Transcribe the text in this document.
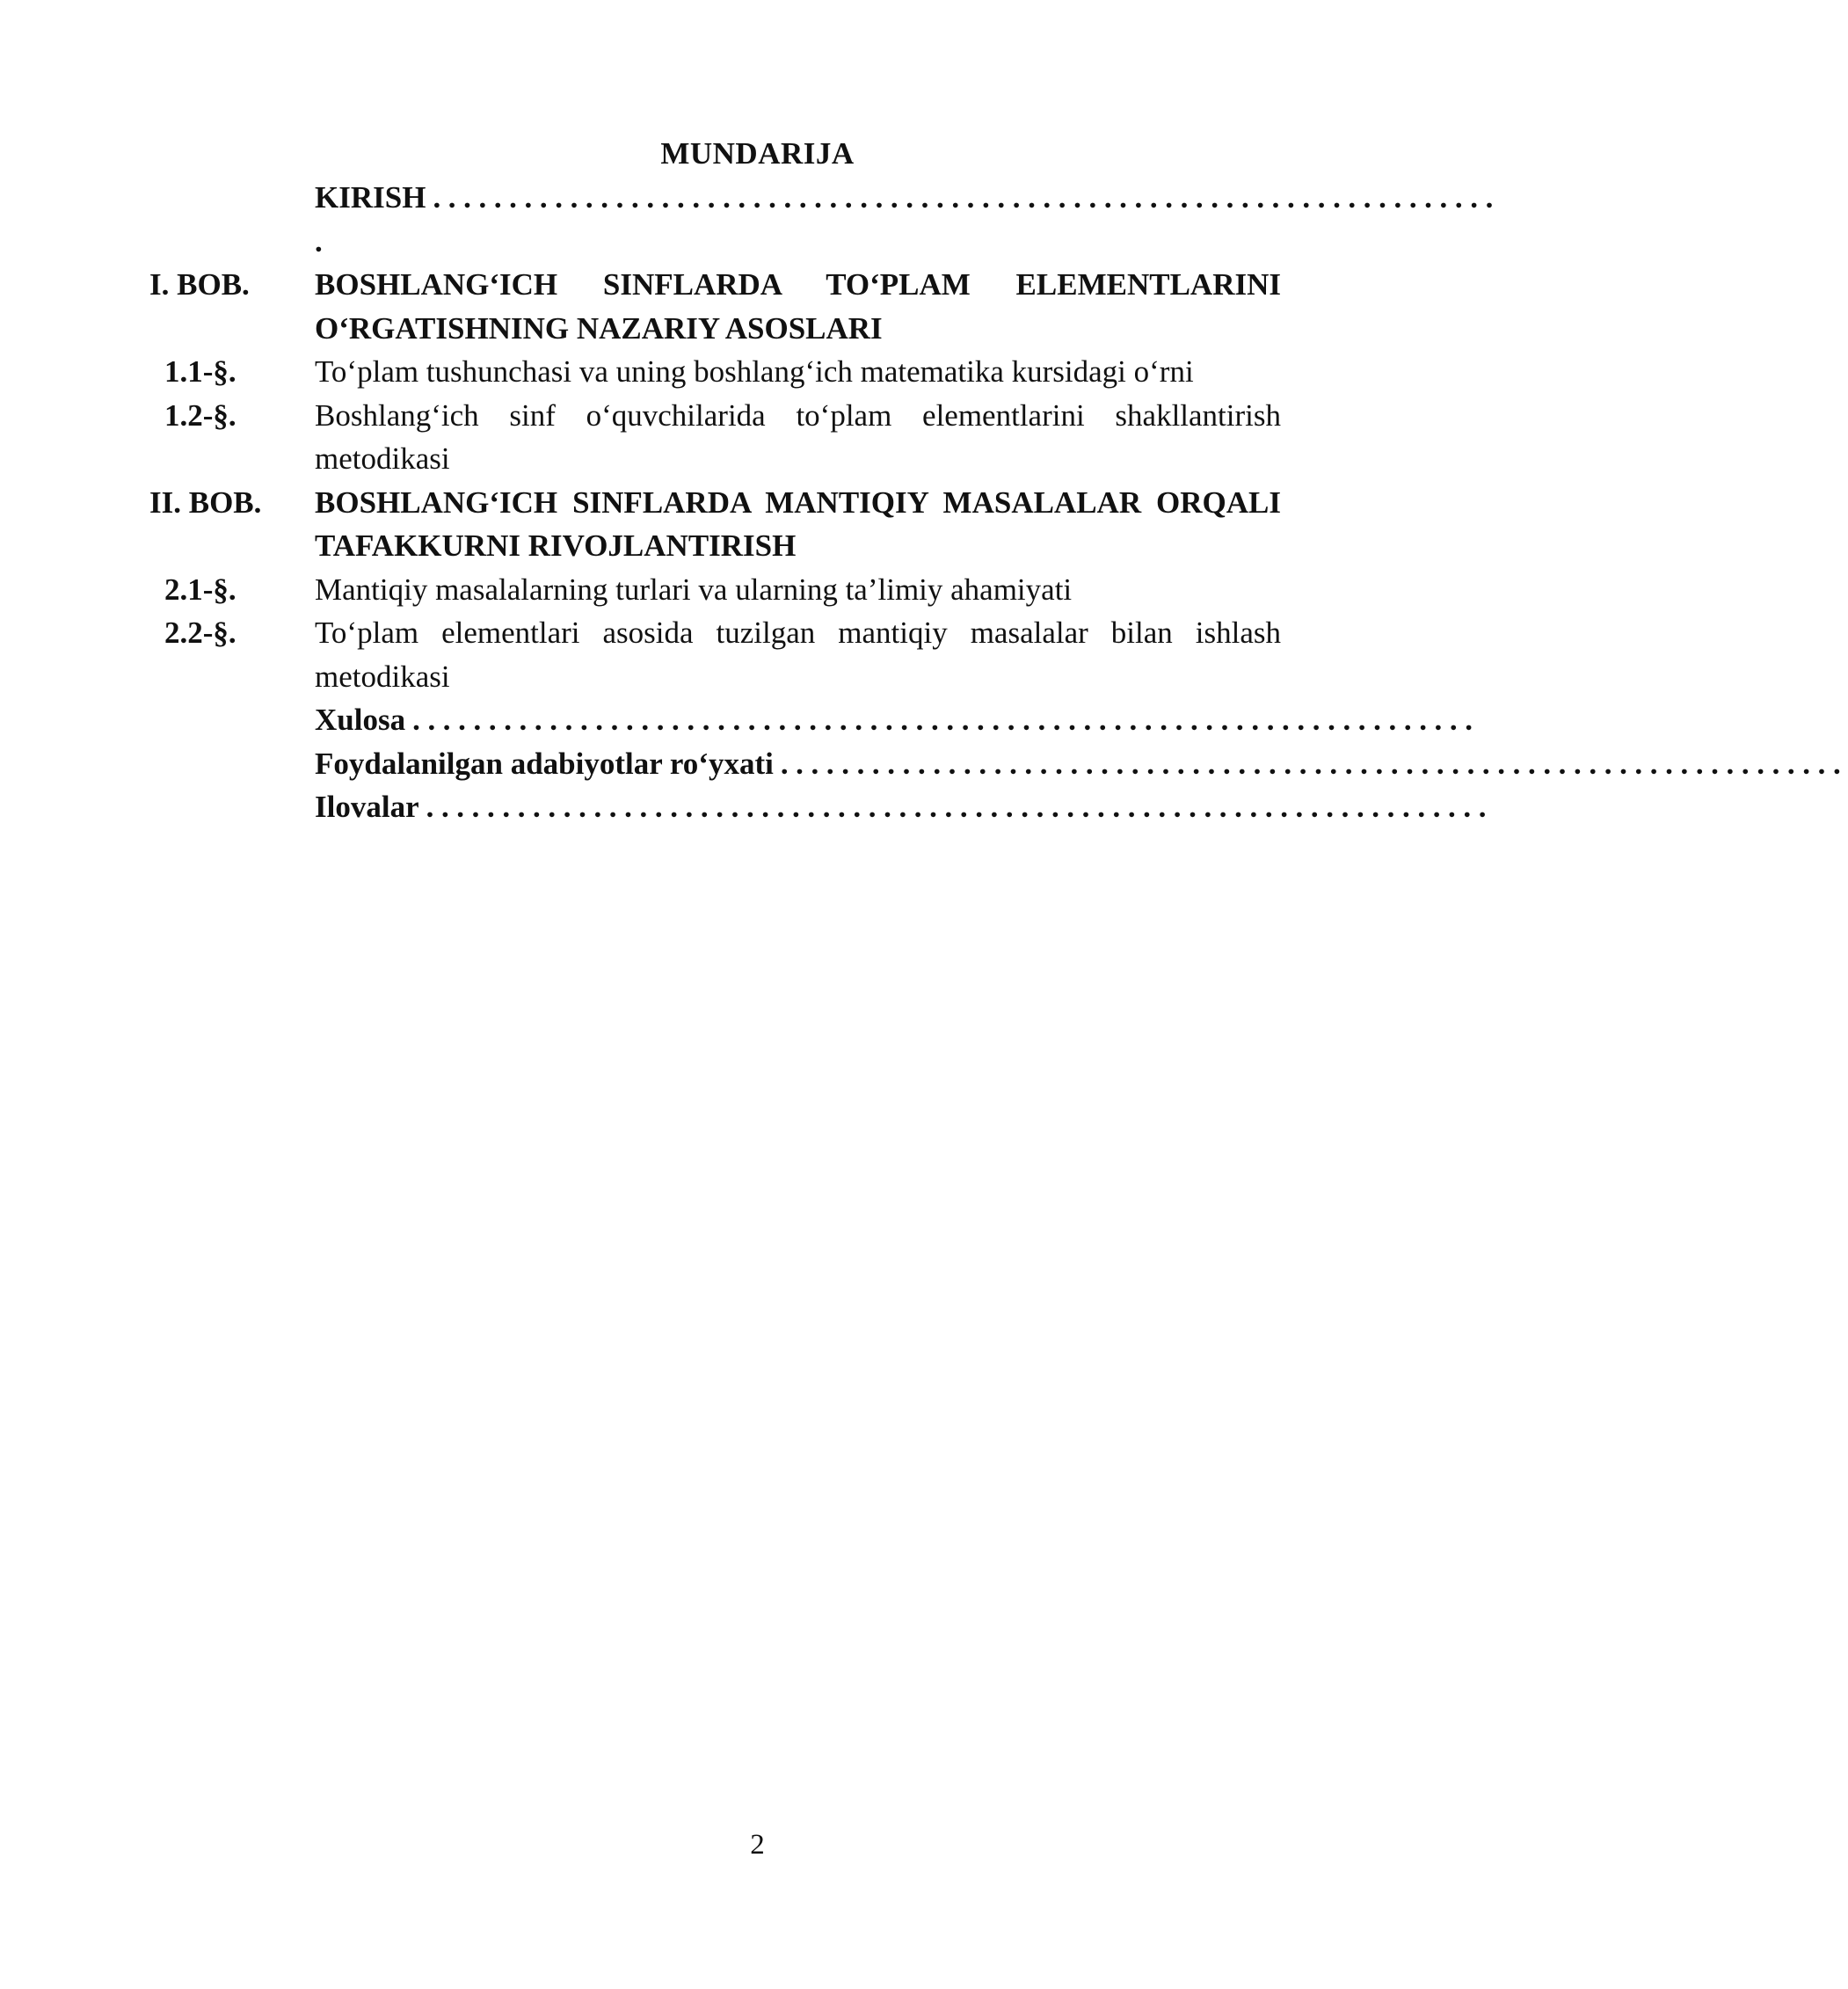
MUNDARIJA
KIRISH ......................................................................
.
I. BOB.	BOSHLANG‘ICH SINFLARDA TO‘PLAM ELEMENTLARINI O‘RGATISHNING NAZARIY ASOSLARI
1.1-§.	To‘plam tushunchasi va uning boshlang‘ich matematika kursidagi o‘rni
1.2-§.	Boshlang‘ich sinf o‘quvchilarida to‘plam elementlarini shakllantirish metodikasi
II. BOB.	BOSHLANG‘ICH SINFLARDA MANTIQIY MASALALAR ORQALI TAFAKKURNI RIVOJLANTIRISH
2.1-§.	Mantiqiy masalalarning turlari va ularning ta’limiy ahamiyati
2.2-§.	To‘plam elementlari asosida tuzilgan mantiqiy masalalar bilan ishlash metodikasi
Xulosa ......................................................................
Foydalanilgan adabiyotlar ro‘yxati ......................................................................
Ilovalar ......................................................................
2
